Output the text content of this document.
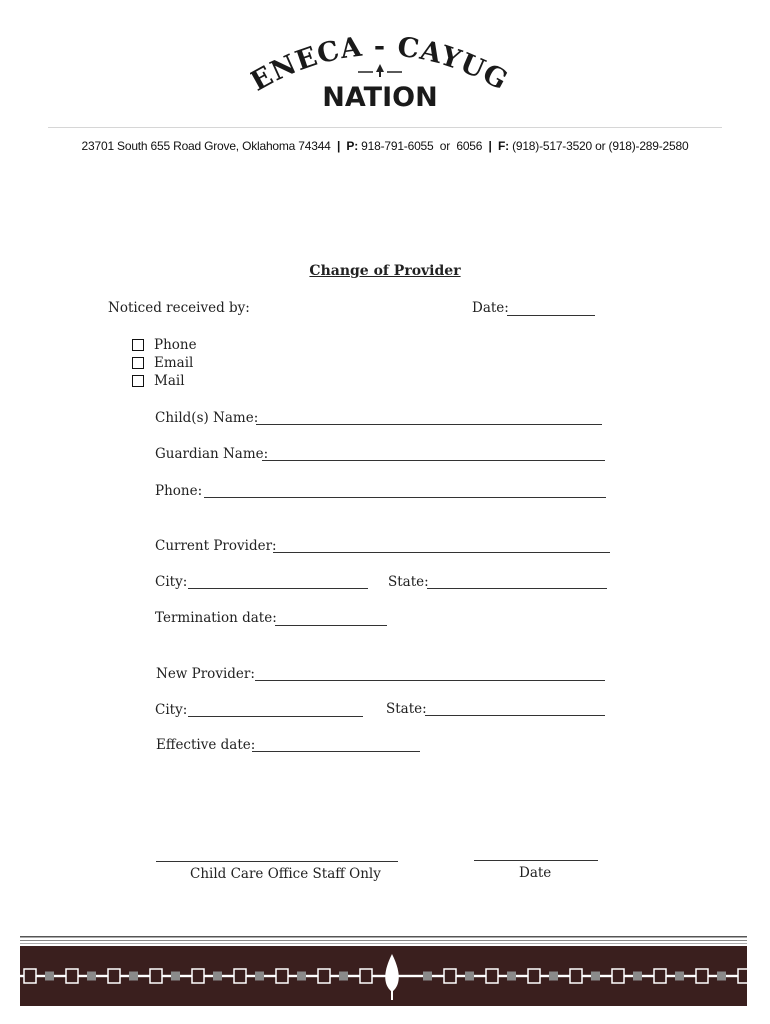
NECA - CAYUG
NATION
23701 South 655 Road Grove, Oklahoma 74344 | P: 918-791-6055 or 6056 | F: (918)-517-3520 or (918)-289-2580
Change of Provider
Noticed received by:	Date:
Phone
Email
Mail
Child(s) Name:
Guardian Name:
Phone:
Current Provider:
City:	State:
Termination date:
New Provider:
City:	State:
Effective date:
Child Care Office Staff Only	Date
